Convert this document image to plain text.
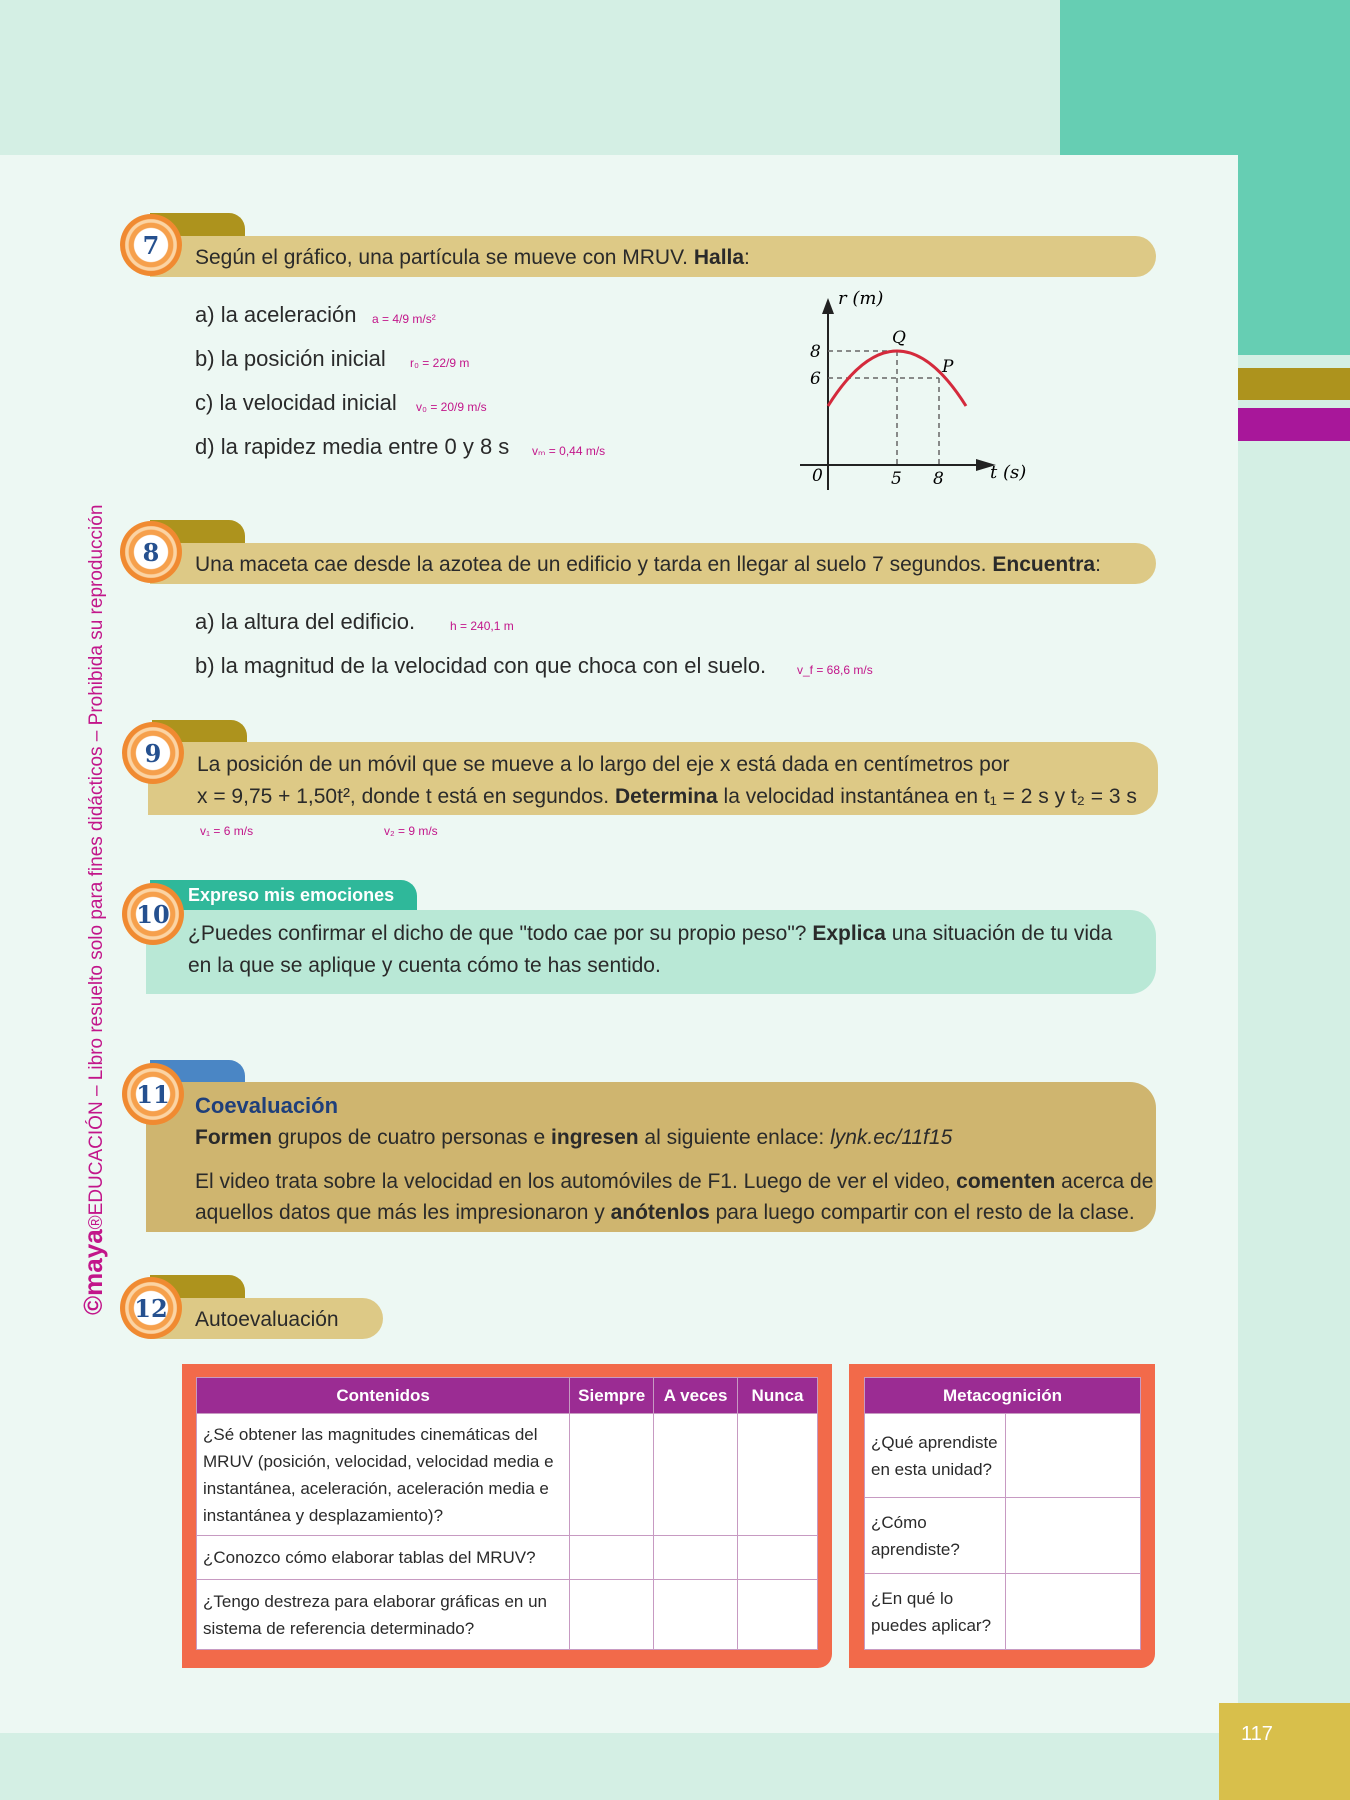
117
©maya®EDUCACIÓN – Libro resuelto solo para fines didácticos – Prohibida su reproducción
7	Según el gráfico, una partícula se mueve con MRUV. Halla:
a) la aceleración a = 4/9 m/s²
b) la posición inicial r₀ = 22/9 m
c) la velocidad inicial v₀ = 20/9 m/s
d) la rapidez media entre 0 y 8 s vₘ = 0,44 m/s
r (m)
t (s)
0
8
6
5 8
Q
P
8	Una maceta cae desde la azotea de un edificio y tarda en llegar al suelo 7 segundos. Encuentra:
a) la altura del edificio.	h = 240,1 m
b) la magnitud de la velocidad con que choca con el suelo.	v_f = 68,6 m/s
9	La posición de un móvil que se mueve a lo largo del eje x está dada en centímetros por
x = 9,75 + 1,50t², donde t está en segundos. Determina la velocidad instantánea en t₁ = 2 s y t₂ = 3 s
v₁ = 6 m/s	v₂ = 9 m/s
Expreso mis emociones
10
¿Puedes confirmar el dicho de que "todo cae por su propio peso"? Explica una situación de tu vida
en la que se aplique y cuenta cómo te has sentido.
11	Coevaluación
Formen grupos de cuatro personas e ingresen al siguiente enlace: lynk.ec/11f15
El video trata sobre la velocidad en los automóviles de F1. Luego de ver el video, comenten acerca de
aquellos datos que más les impresionaron y anótenlos para luego compartir con el resto de la clase.
12	Autoevaluación
Contenidos	Siempre	A veces	Nunca
¿Sé obtener las magnitudes cinemáticas del MRUV (posición, velocidad, velocidad media e instantánea, aceleración, aceleración media e instantánea y desplazamiento)?			
¿Conozco cómo elaborar tablas del MRUV?			
¿Tengo destreza para elaborar gráficas en un sistema de referencia determinado?			
Metacognición	
¿Qué aprendiste en esta unidad?	
¿Cómo aprendiste?	
¿En qué lo puedes aplicar?	
